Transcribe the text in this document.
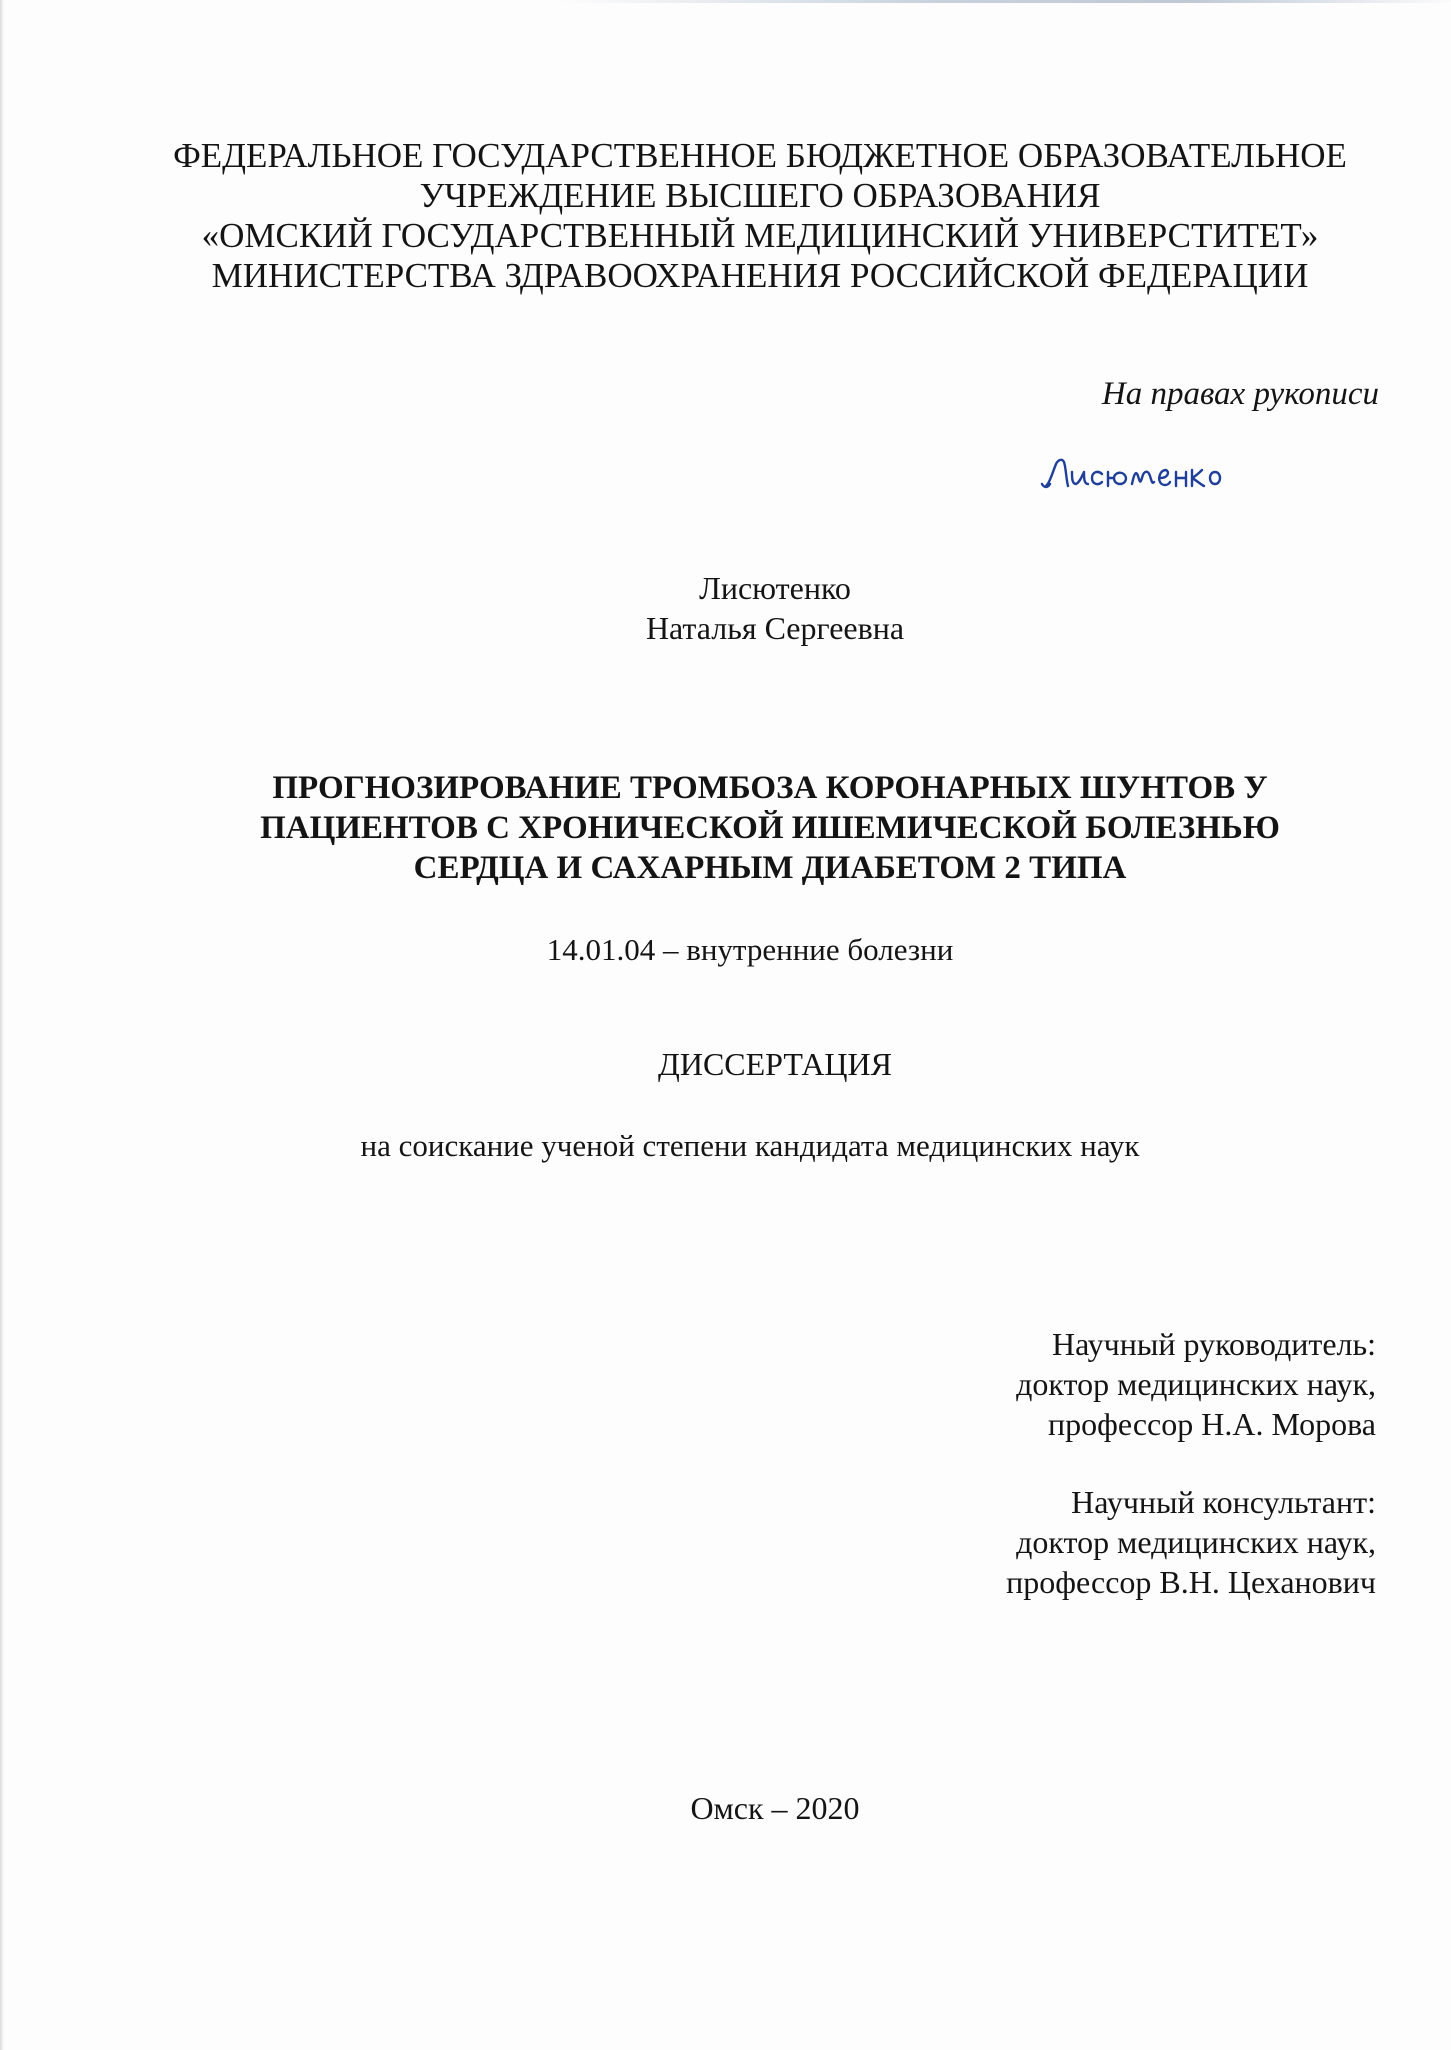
ФЕДЕРАЛЬНОЕ ГОСУДАРСТВЕННОЕ БЮДЖЕТНОЕ ОБРАЗОВАТЕЛЬНОЕ
УЧРЕЖДЕНИЕ ВЫСШЕГО ОБРАЗОВАНИЯ
«ОМСКИЙ ГОСУДАРСТВЕННЫЙ МЕДИЦИНСКИЙ УНИВЕРСТИТЕТ»
МИНИСТЕРСТВА ЗДРАВООХРАНЕНИЯ РОССИЙСКОЙ ФЕДЕРАЦИИ
На правах рукописи
Лисютенко
Наталья Сергеевна
ПРОГНОЗИРОВАНИЕ ТРОМБОЗА КОРОНАРНЫХ ШУНТОВ У
ПАЦИЕНТОВ С ХРОНИЧЕСКОЙ ИШЕМИЧЕСКОЙ БОЛЕЗНЬЮ
СЕРДЦА И САХАРНЫМ ДИАБЕТОМ 2 ТИПА
14.01.04 – внутренние болезни
ДИССЕРТАЦИЯ
на соискание ученой степени кандидата медицинских наук
Научный руководитель:
доктор медицинских наук,
профессор Н.А. Морова
Научный консультант:
доктор медицинских наук,
профессор В.Н. Цеханович
Омск – 2020
